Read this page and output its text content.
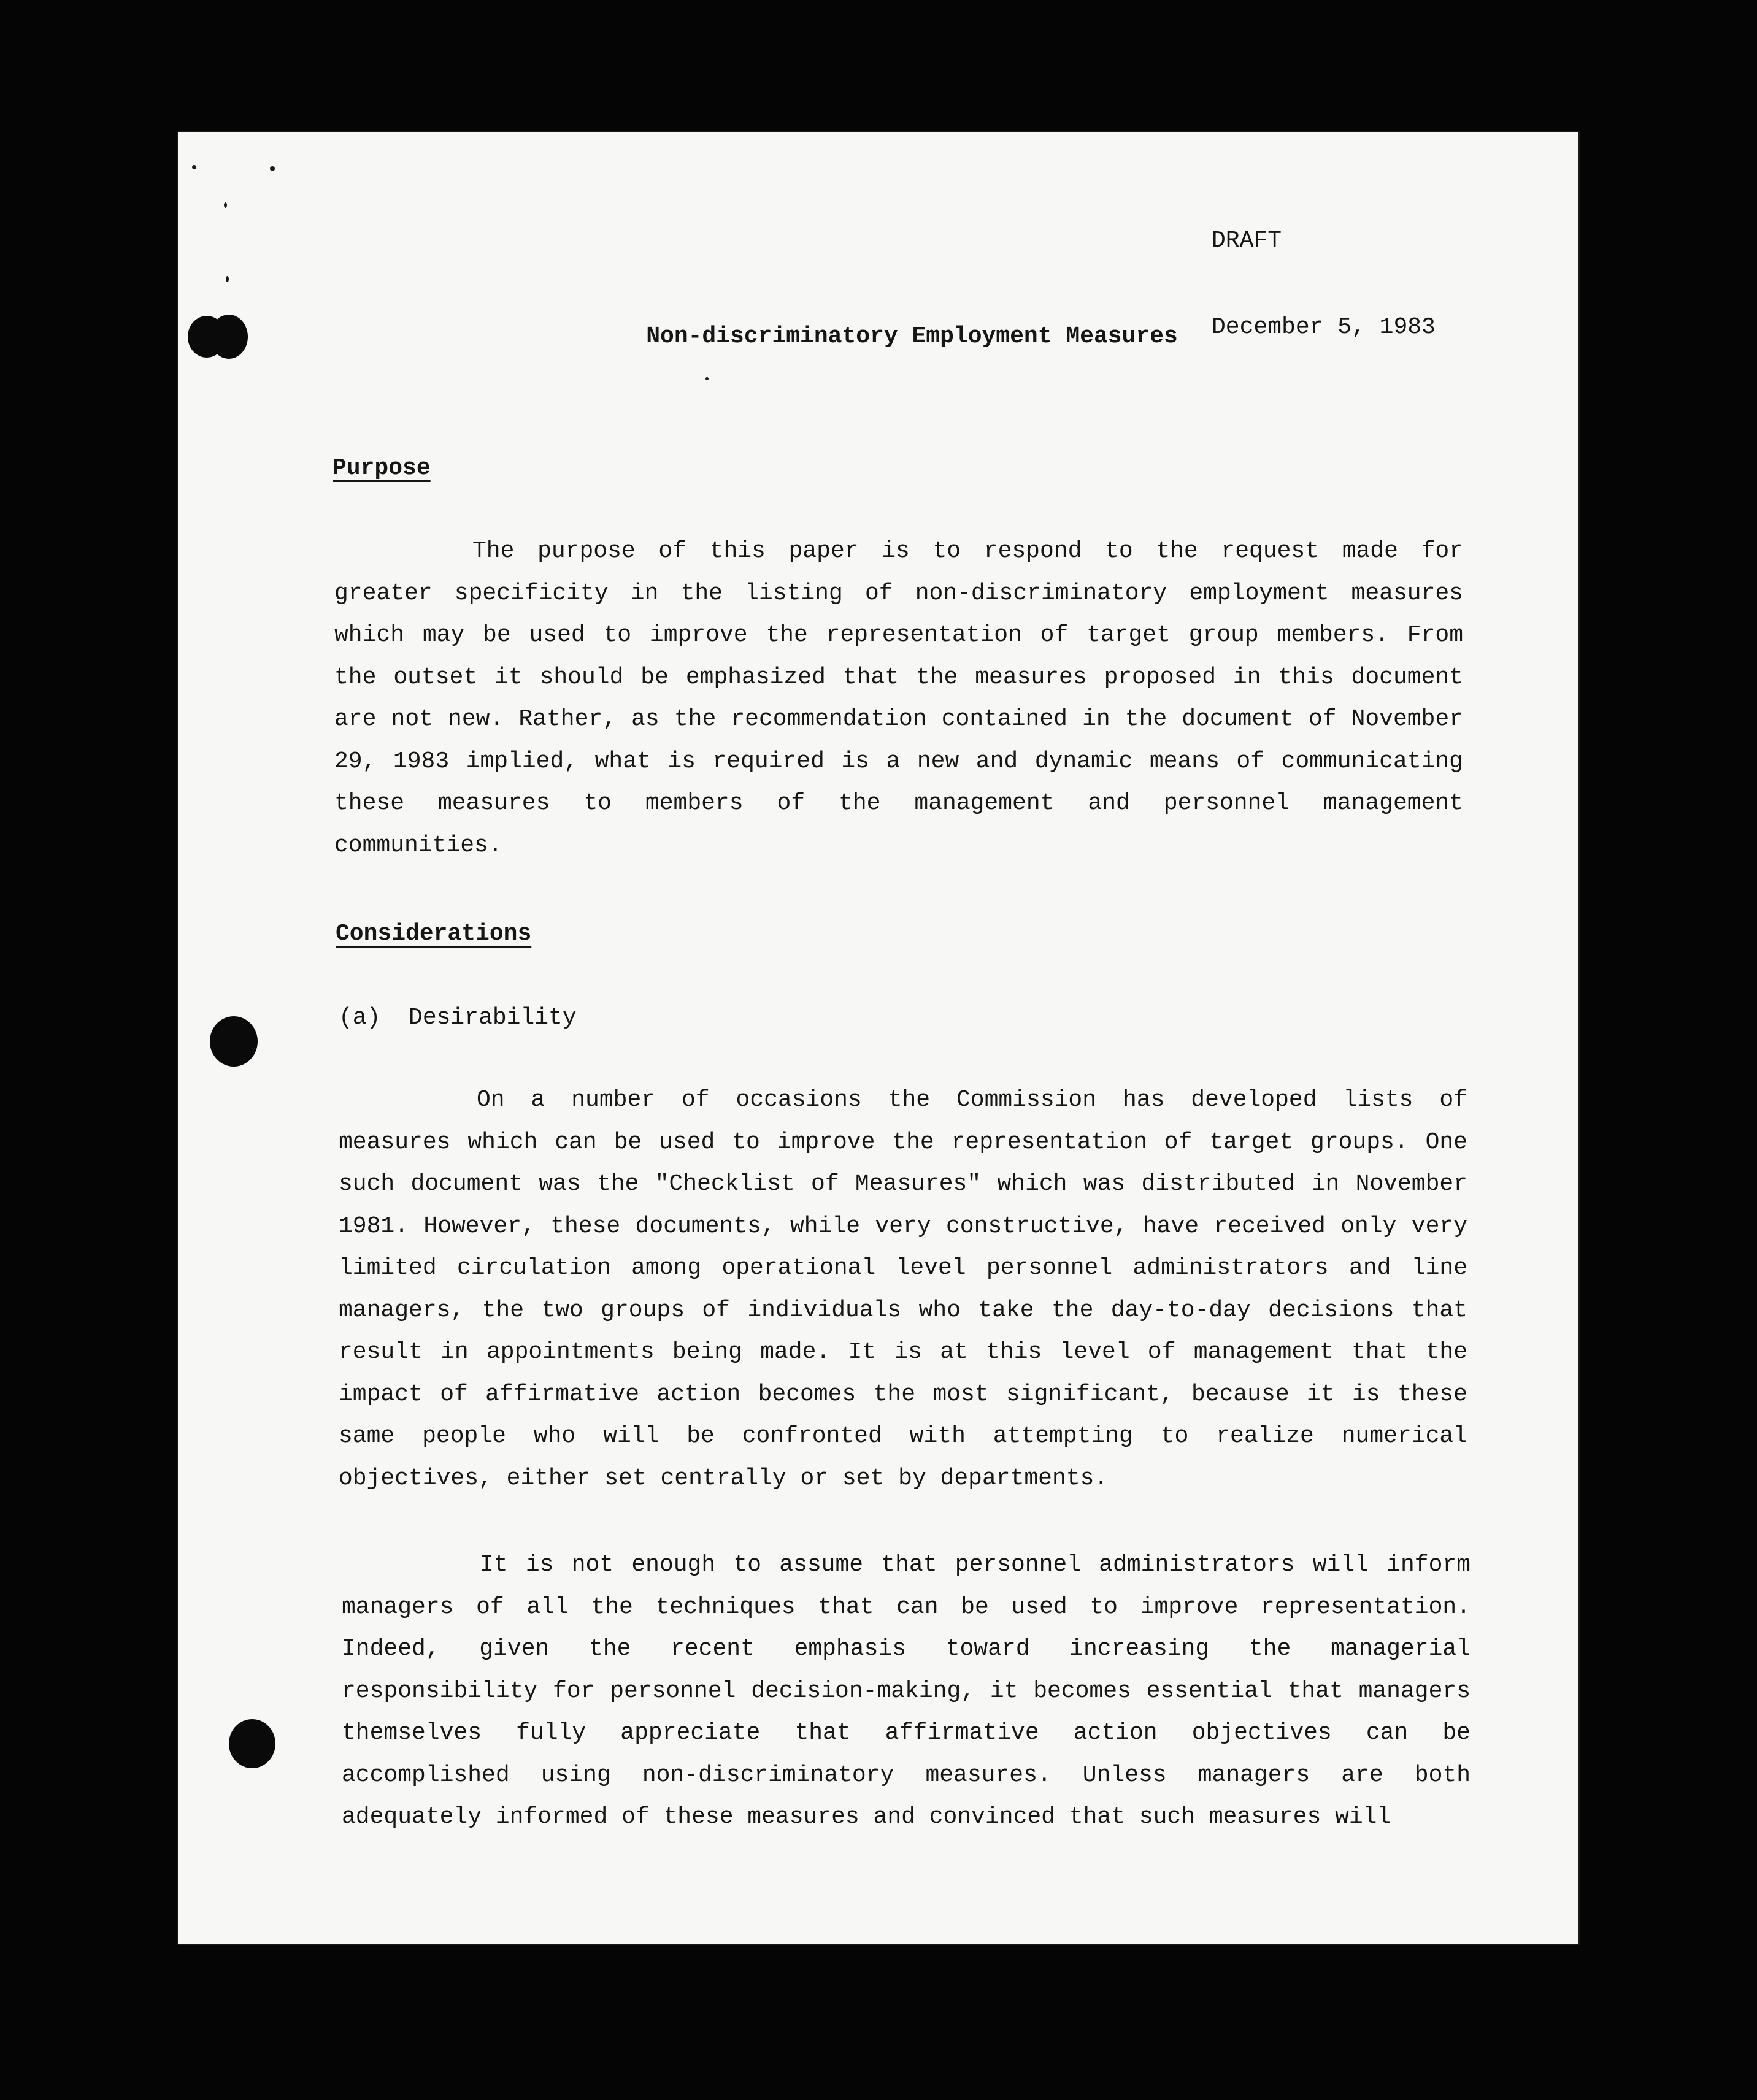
DRAFT

December 5, 1983

Non-discriminatory Employment Measures
Purpose
The purpose of this paper is to respond to the request made for greater specificity in the listing of non-discriminatory employment measures which may be used to improve the representation of target group members. From the outset it should be emphasized that the measures proposed in this document are not new. Rather, as the recommendation contained in the document of November 29, 1983 implied, what is required is a new and dynamic means of communicating these measures to members of the management and personnel management communities.
Considerations
(a)  Desirability
On a number of occasions the Commission has developed lists of measures which can be used to improve the representation of target groups. One such document was the "Checklist of Measures" which was distributed in November 1981. However, these documents, while very constructive, have received only very limited circulation among operational level personnel administrators and line managers, the two groups of individuals who take the day-to-day decisions that result in appointments being made. It is at this level of management that the impact of affirmative action becomes the most significant, because it is these same people who will be confronted with attempting to realize numerical objectives, either set centrally or set by departments.
It is not enough to assume that personnel administrators will inform managers of all the techniques that can be used to improve representation. Indeed, given the recent emphasis toward increasing the managerial responsibility for personnel decision-making, it becomes essential that managers themselves fully appreciate that affirmative action objectives can be accomplished using non-discriminatory measures. Unless managers are both adequately informed of these measures and convinced that such measures will
